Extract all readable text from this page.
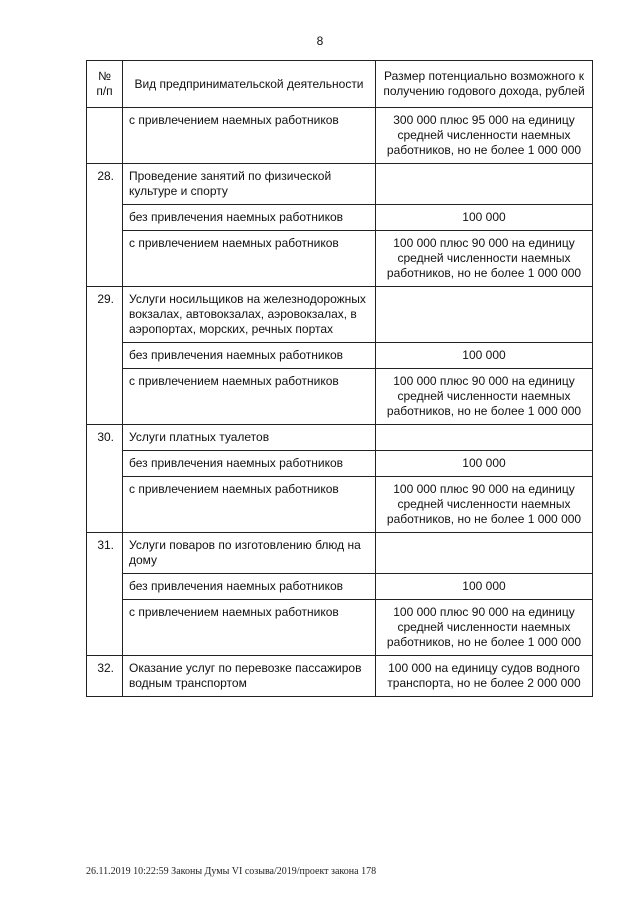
8
№
п/п	Вид предпринимательской деятельности	Размер потенциально возможного к получению годового дохода, рублей
	с привлечением наемных работников	300 000 плюс 95 000 на единицу средней численности наемных работников, но не более 1 000 000
28.	Проведение занятий по физической культуре и спорту	
	без привлечения наемных работников	100 000
	с привлечением наемных работников	100 000 плюс 90 000 на единицу средней численности наемных работников, но не более 1 000 000
29.	Услуги носильщиков на железнодорожных вокзалах, автовокзалах, аэровокзалах, в аэропортах, морских, речных портах	
	без привлечения наемных работников	100 000
	с привлечением наемных работников	100 000 плюс 90 000 на единицу средней численности наемных работников, но не более 1 000 000
30.	Услуги платных туалетов	
	без привлечения наемных работников	100 000
	с привлечением наемных работников	100 000 плюс 90 000 на единицу средней численности наемных работников, но не более 1 000 000
31.	Услуги поваров по изготовлению блюд на дому	
	без привлечения наемных работников	100 000
	с привлечением наемных работников	100 000 плюс 90 000 на единицу средней численности наемных работников, но не более 1 000 000
32.	Оказание услуг по перевозке пассажиров водным транспортом	100 000 на единицу судов водного транспорта, но не более 2 000 000
26.11.2019 10:22:59 Законы Думы VI созыва/2019/проект закона 178
